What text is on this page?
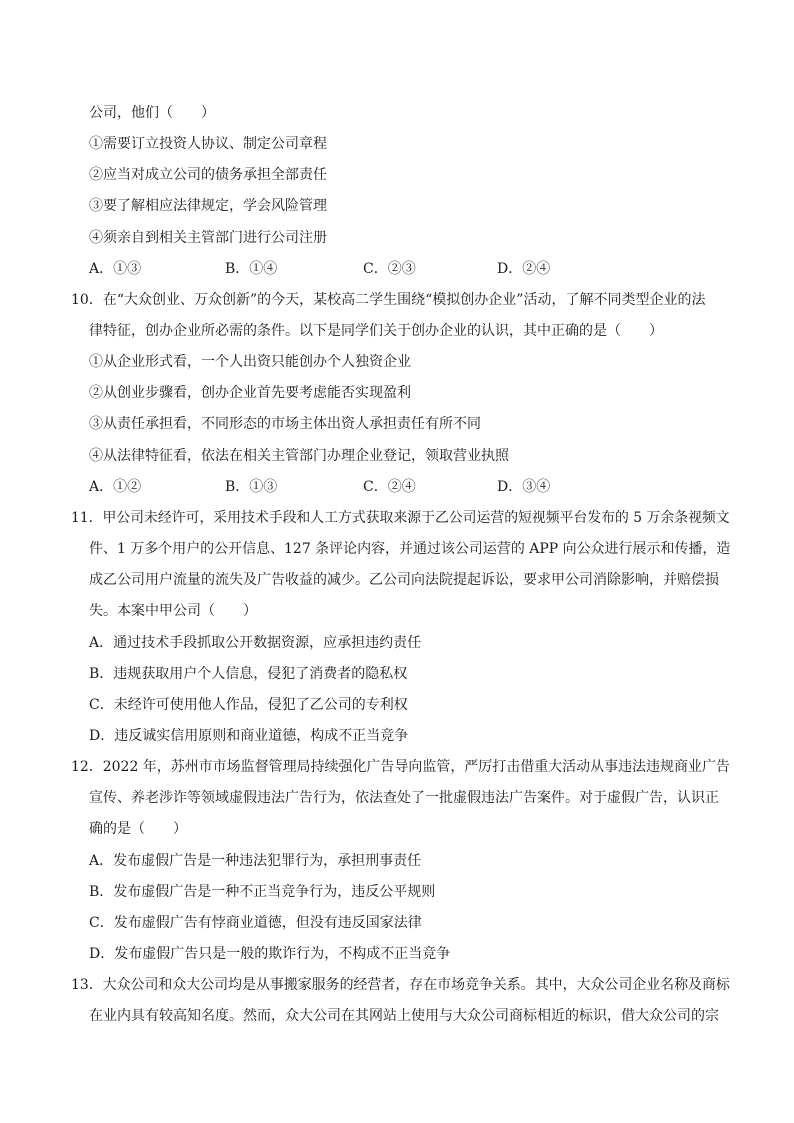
公司，他们（　　）
①需要订立投资人协议、制定公司章程
②应当对成立公司的债务承担全部责任
③要了解相应法律规定，学会风险管理
④须亲自到相关主管部门进行公司注册
A．①③	B．①④	C．②③	D．②④
10．在“大众创业、万众创新”的今天，某校高二学生围绕“模拟创办企业”活动，了解不同类型企业的法
律特征，创办企业所必需的条件。以下是同学们关于创办企业的认识，其中正确的是（　　）
①从企业形式看，一个人出资只能创办个人独资企业
②从创业步骤看，创办企业首先要考虑能否实现盈利
③从责任承担看，不同形态的市场主体出资人承担责任有所不同
④从法律特征看，依法在相关主管部门办理企业登记，领取营业执照
A．①②	B．①③	C．②④	D．③④
11．甲公司未经许可，采用技术手段和人工方式获取来源于乙公司运营的短视频平台发布的 5 万余条视频文
件、1 万多个用户的公开信息、127 条评论内容，并通过该公司运营的 APP 向公众进行展示和传播，造
成乙公司用户流量的流失及广告收益的减少。乙公司向法院提起诉讼，要求甲公司消除影响，并赔偿损
失。本案中甲公司（　　）
A．通过技术手段抓取公开数据资源，应承担违约责任
B．违规获取用户个人信息，侵犯了消费者的隐私权
C．未经许可使用他人作品，侵犯了乙公司的专利权
D．违反诚实信用原则和商业道德，构成不正当竞争
12．2022 年，苏州市市场监督管理局持续强化广告导向监管，严厉打击借重大活动从事违法违规商业广告
宣传、养老涉诈等领域虚假违法广告行为，依法查处了一批虚假违法广告案件。对于虚假广告，认识正
确的是（　　）
A．发布虚假广告是一种违法犯罪行为，承担刑事责任
B．发布虚假广告是一种不正当竞争行为，违反公平规则
C．发布虚假广告有悖商业道德，但没有违反国家法律
D．发布虚假广告只是一般的欺诈行为，不构成不正当竞争
13．大众公司和众大公司均是从事搬家服务的经营者，存在市场竞争关系。其中，大众公司企业名称及商标
在业内具有较高知名度。然而，众大公司在其网站上使用与大众公司商标相近的标识，借大众公司的宗
